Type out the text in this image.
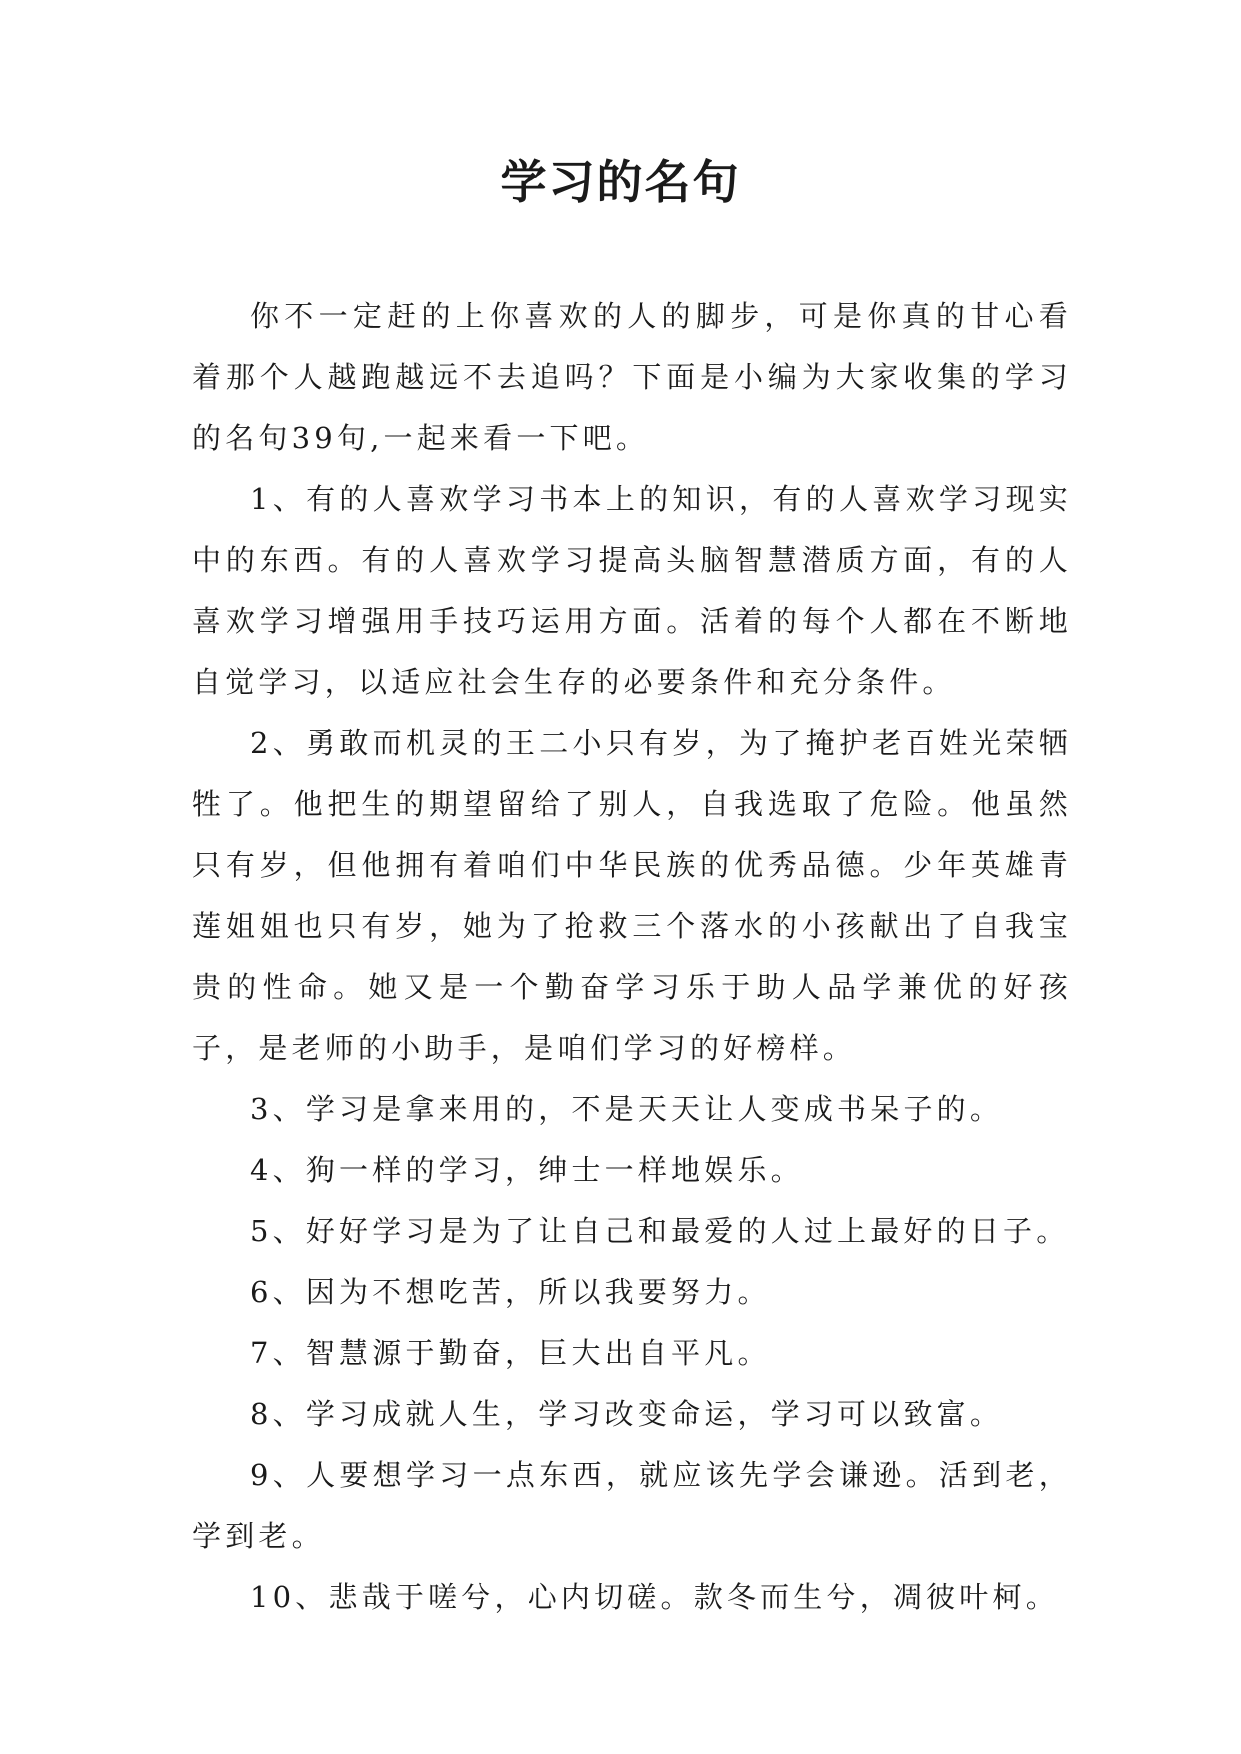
学习的名句

你不一定赶的上你喜欢的人的脚步，可是你真的甘心看着那个人越跑越远不去追吗？下面是小编为大家收集的学习的名句39句,一起来看一下吧。

1、有的人喜欢学习书本上的知识，有的人喜欢学习现实中的东西。有的人喜欢学习提高头脑智慧潜质方面，有的人喜欢学习增强用手技巧运用方面。活着的每个人都在不断地自觉学习，以适应社会生存的必要条件和充分条件。

2、勇敢而机灵的王二小只有岁，为了掩护老百姓光荣牺牲了。他把生的期望留给了别人，自我选取了危险。他虽然只有岁，但他拥有着咱们中华民族的优秀品德。少年英雄青莲姐姐也只有岁，她为了抢救三个落水的小孩献出了自我宝贵的性命。她又是一个勤奋学习乐于助人品学兼优的好孩子，是老师的小助手，是咱们学习的好榜样。

3、学习是拿来用的，不是天天让人变成书呆子的。

4、狗一样的学习，绅士一样地娱乐。

5、好好学习是为了让自己和最爱的人过上最好的日子。

6、因为不想吃苦，所以我要努力。

7、智慧源于勤奋，巨大出自平凡。

8、学习成就人生，学习改变命运，学习可以致富。

9、人要想学习一点东西，就应该先学会谦逊。活到老，学到老。

10、悲哉于嗟兮，心内切磋。款冬而生兮，凋彼叶柯。
